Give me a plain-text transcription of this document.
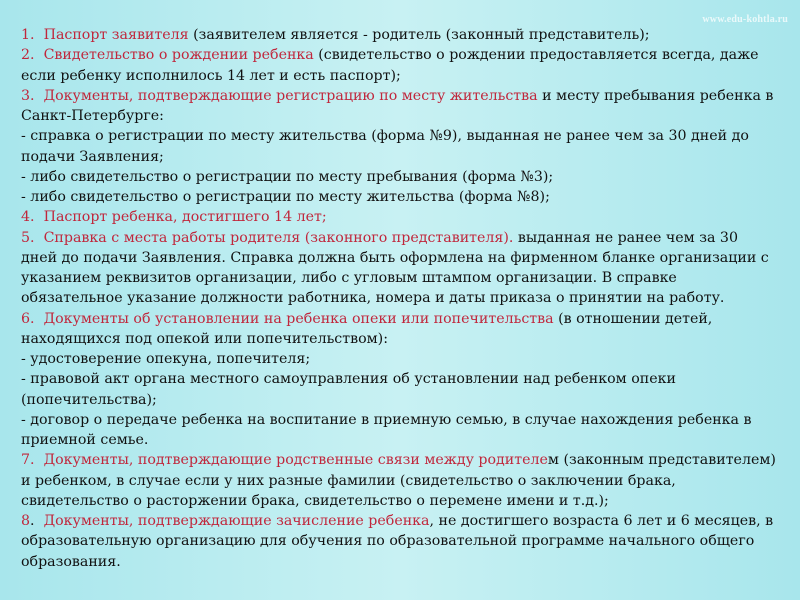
www.edu-kohtla.ru

1. Паспорт заявителя (заявителем является - родитель (законный представитель);

2. Свидетельство о рождении ребенка (свидетельство о рождении предоставляется всегда, даже если ребенку исполнилось 14 лет и есть паспорт);

3. Документы, подтверждающие регистрацию по месту жительства и месту пребывания ребенка в Санкт-Петербурге:

- справка о регистрации по месту жительства (форма №9), выданная не ранее чем за 30 дней до подачи Заявления;

- либо свидетельство о регистрации по месту пребывания (форма №3);

- либо свидетельство о регистрации по месту жительства (форма №8);

4. Паспорт ребенка, достигшего 14 лет;

5. Справка с места работы родителя (законного представителя). выданная не ранее чем за 30 дней до подачи Заявления. Справка должна быть оформлена на фирменном бланке организации с указанием реквизитов организации, либо с угловым штампом организации. В справке обязательное указание должности работника, номера и даты приказа о принятии на работу.

6. Документы об установлении на ребенка опеки или попечительства (в отношении детей, находящихся под опекой или попечительством):

- удостоверение опекуна, попечителя;

- правовой акт органа местного самоуправления об установлении над ребенком опеки (попечительства);

- договор о передаче ребенка на воспитание в приемную семью, в случае нахождения ребенка в приемной семье.

7. Документы, подтверждающие родственные связи между родителем (законным представителем) и ребенком, в случае если у них разные фамилии (свидетельство о заключении брака, свидетельство о расторжении брака, свидетельство о перемене имени и т.д.);

8.  Документы, подтверждающие зачисление ребенка, не достигшего возраста 6 лет и 6 месяцев, в образовательную организацию для обучения по образовательной программе начального общего образования.
